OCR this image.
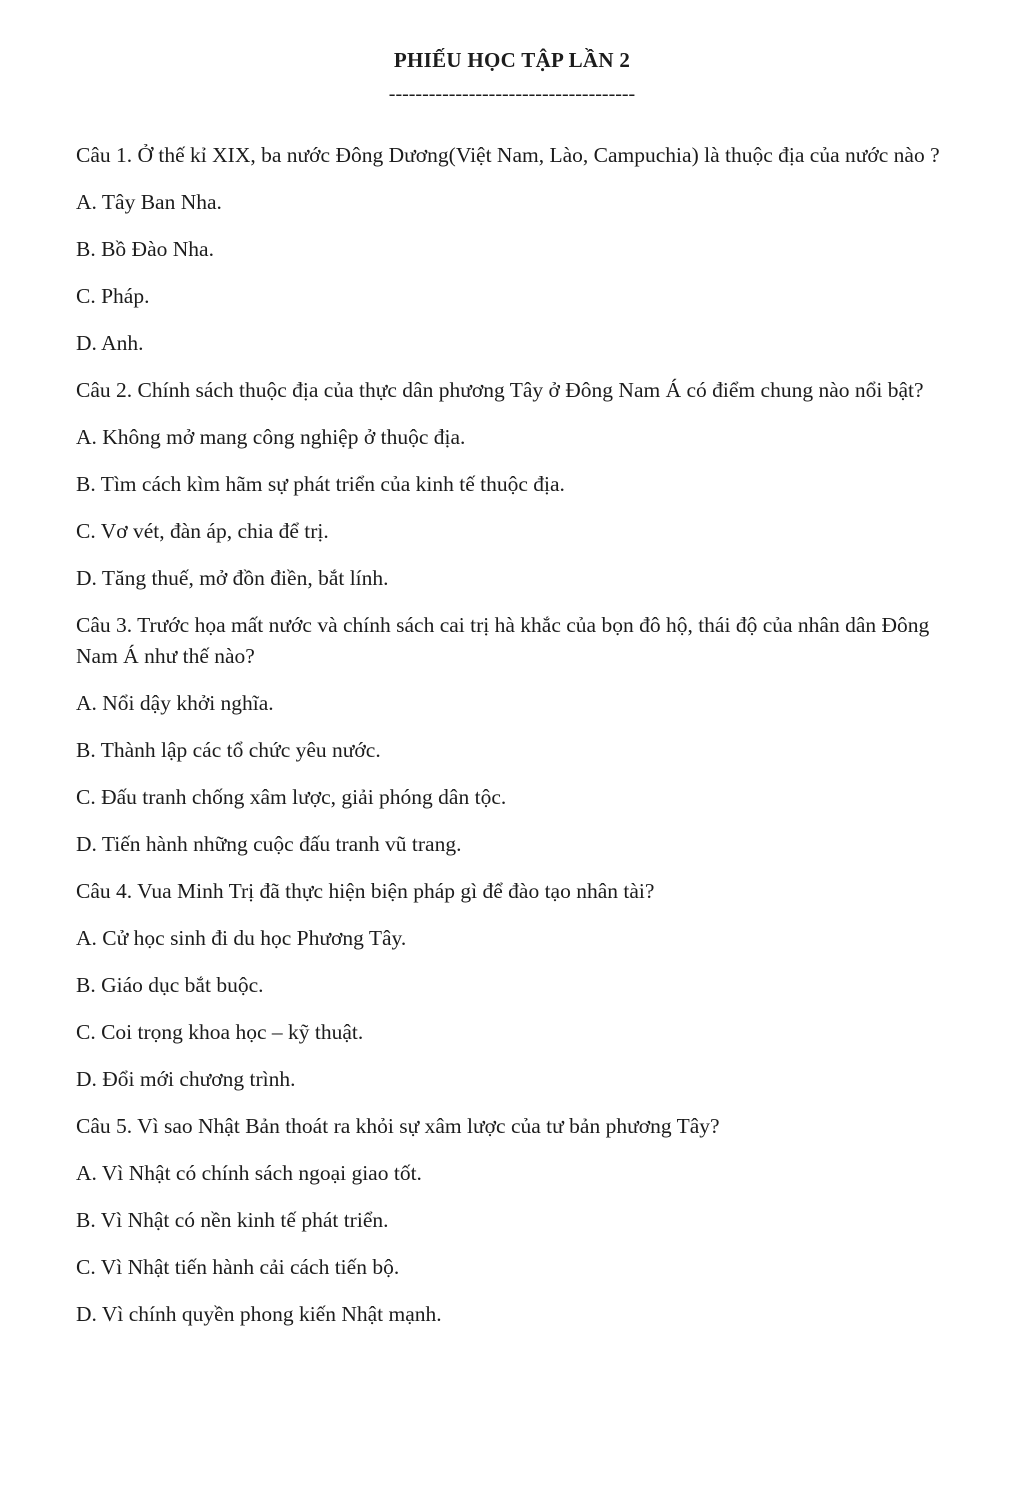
PHIẾU HỌC TẬP LẦN 2
-------------------------------------

Câu 1. Ở thế kỉ XIX, ba nước Đông Dương(Việt Nam, Lào, Campuchia) là thuộc địa của nước nào ?

A. Tây Ban Nha.

B. Bồ Đào Nha.

C. Pháp.

D. Anh.

Câu 2. Chính sách thuộc địa của thực dân phương Tây ở Đông Nam Á có điểm chung nào nổi bật?

A. Không mở mang công nghiệp ở thuộc địa.

B. Tìm cách kìm hãm sự phát triển của kinh tế thuộc địa.

C. Vơ vét, đàn áp, chia để trị.

D. Tăng thuế, mở đồn điền, bắt lính.

Câu 3. Trước họa mất nước và chính sách cai trị hà khắc của bọn đô hộ, thái độ của nhân dân Đông Nam Á như thế nào?

A. Nổi dậy khởi nghĩa.

B. Thành lập các tổ chức yêu nước.

C. Đấu tranh chống xâm lược, giải phóng dân tộc.

D. Tiến hành những cuộc đấu tranh vũ trang.

Câu 4. Vua Minh Trị đã thực hiện biện pháp gì để đào tạo nhân tài?

A. Cử học sinh đi du học Phương Tây.

B. Giáo dục bắt buộc.

C. Coi trọng khoa học – kỹ thuật.

D. Đổi mới chương trình.

Câu 5. Vì sao Nhật Bản thoát ra khỏi sự xâm lược của tư bản phương Tây?

A. Vì Nhật có chính sách ngoại giao tốt.

B. Vì Nhật có nền kinh tế phát triển.

C. Vì Nhật tiến hành cải cách tiến bộ.

D. Vì chính quyền phong kiến Nhật mạnh.
